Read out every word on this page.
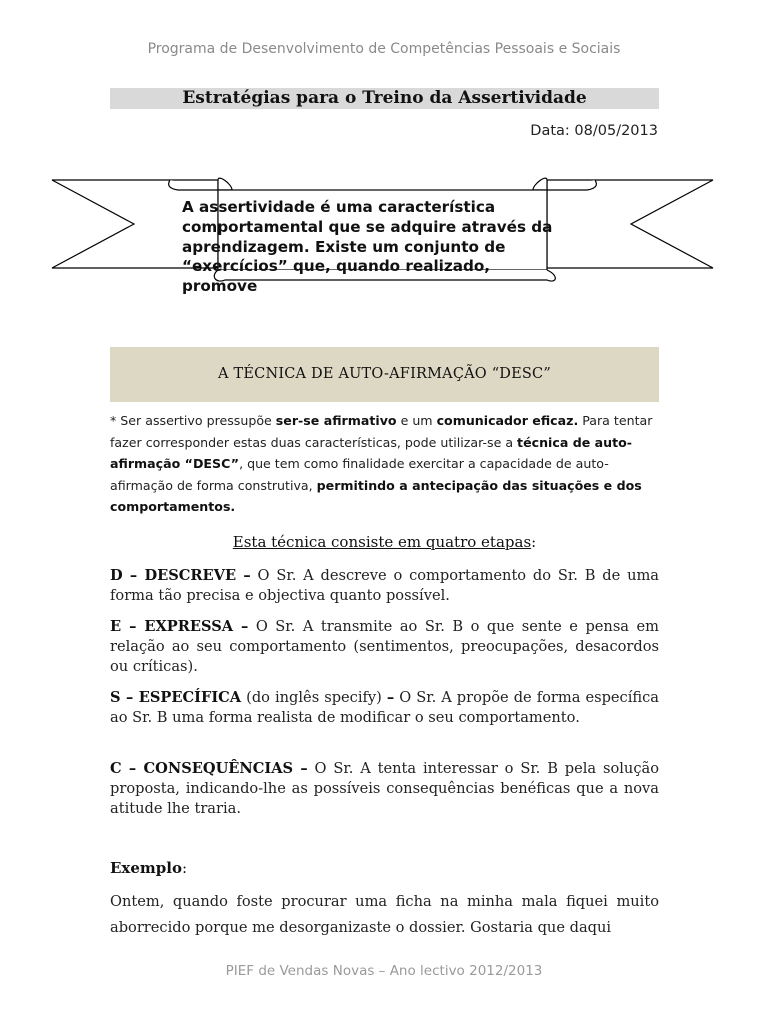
Programa de Desenvolvimento de Competências Pessoais e Sociais
Estratégias para o Treino da Assertividade
Data: 08/05/2013
A assertividade é uma característica comportamental que se adquire através da aprendizagem. Existe um conjunto de “exercícios” que, quando realizado, promove
A TÉCNICA DE AUTO-AFIRMAÇÃO “DESC”
* Ser assertivo pressupõe ser-se afirmativo e um comunicador eficaz. Para tentar fazer corresponder estas duas características, pode utilizar-se a técnica de auto-afirmação “DESC”, que tem como finalidade exercitar a capacidade de auto-afirmação de forma construtiva, permitindo a antecipação das situações e dos comportamentos.
Esta técnica consiste em quatro etapas:
D – DESCREVE – O Sr. A descreve o comportamento do Sr. B de uma forma tão precisa e objectiva quanto possível.
E – EXPRESSA – O Sr. A transmite ao Sr. B o que sente e pensa em relação ao seu comportamento (sentimentos, preocupações, desacordos ou críticas).
S – ESPECÍFICA (do inglês specify) – O Sr. A propõe de forma específica ao Sr. B uma forma realista de modificar o seu comportamento.
C – CONSEQUÊNCIAS – O Sr. A tenta interessar o Sr. B pela solução proposta, indicando-lhe as possíveis consequências benéficas que a nova atitude lhe traria.
Exemplo:
Ontem, quando foste procurar uma ficha na minha mala fiquei muito aborrecido porque me desorganizaste o dossier. Gostaria que daqui
PIEF de Vendas Novas – Ano lectivo 2012/2013
